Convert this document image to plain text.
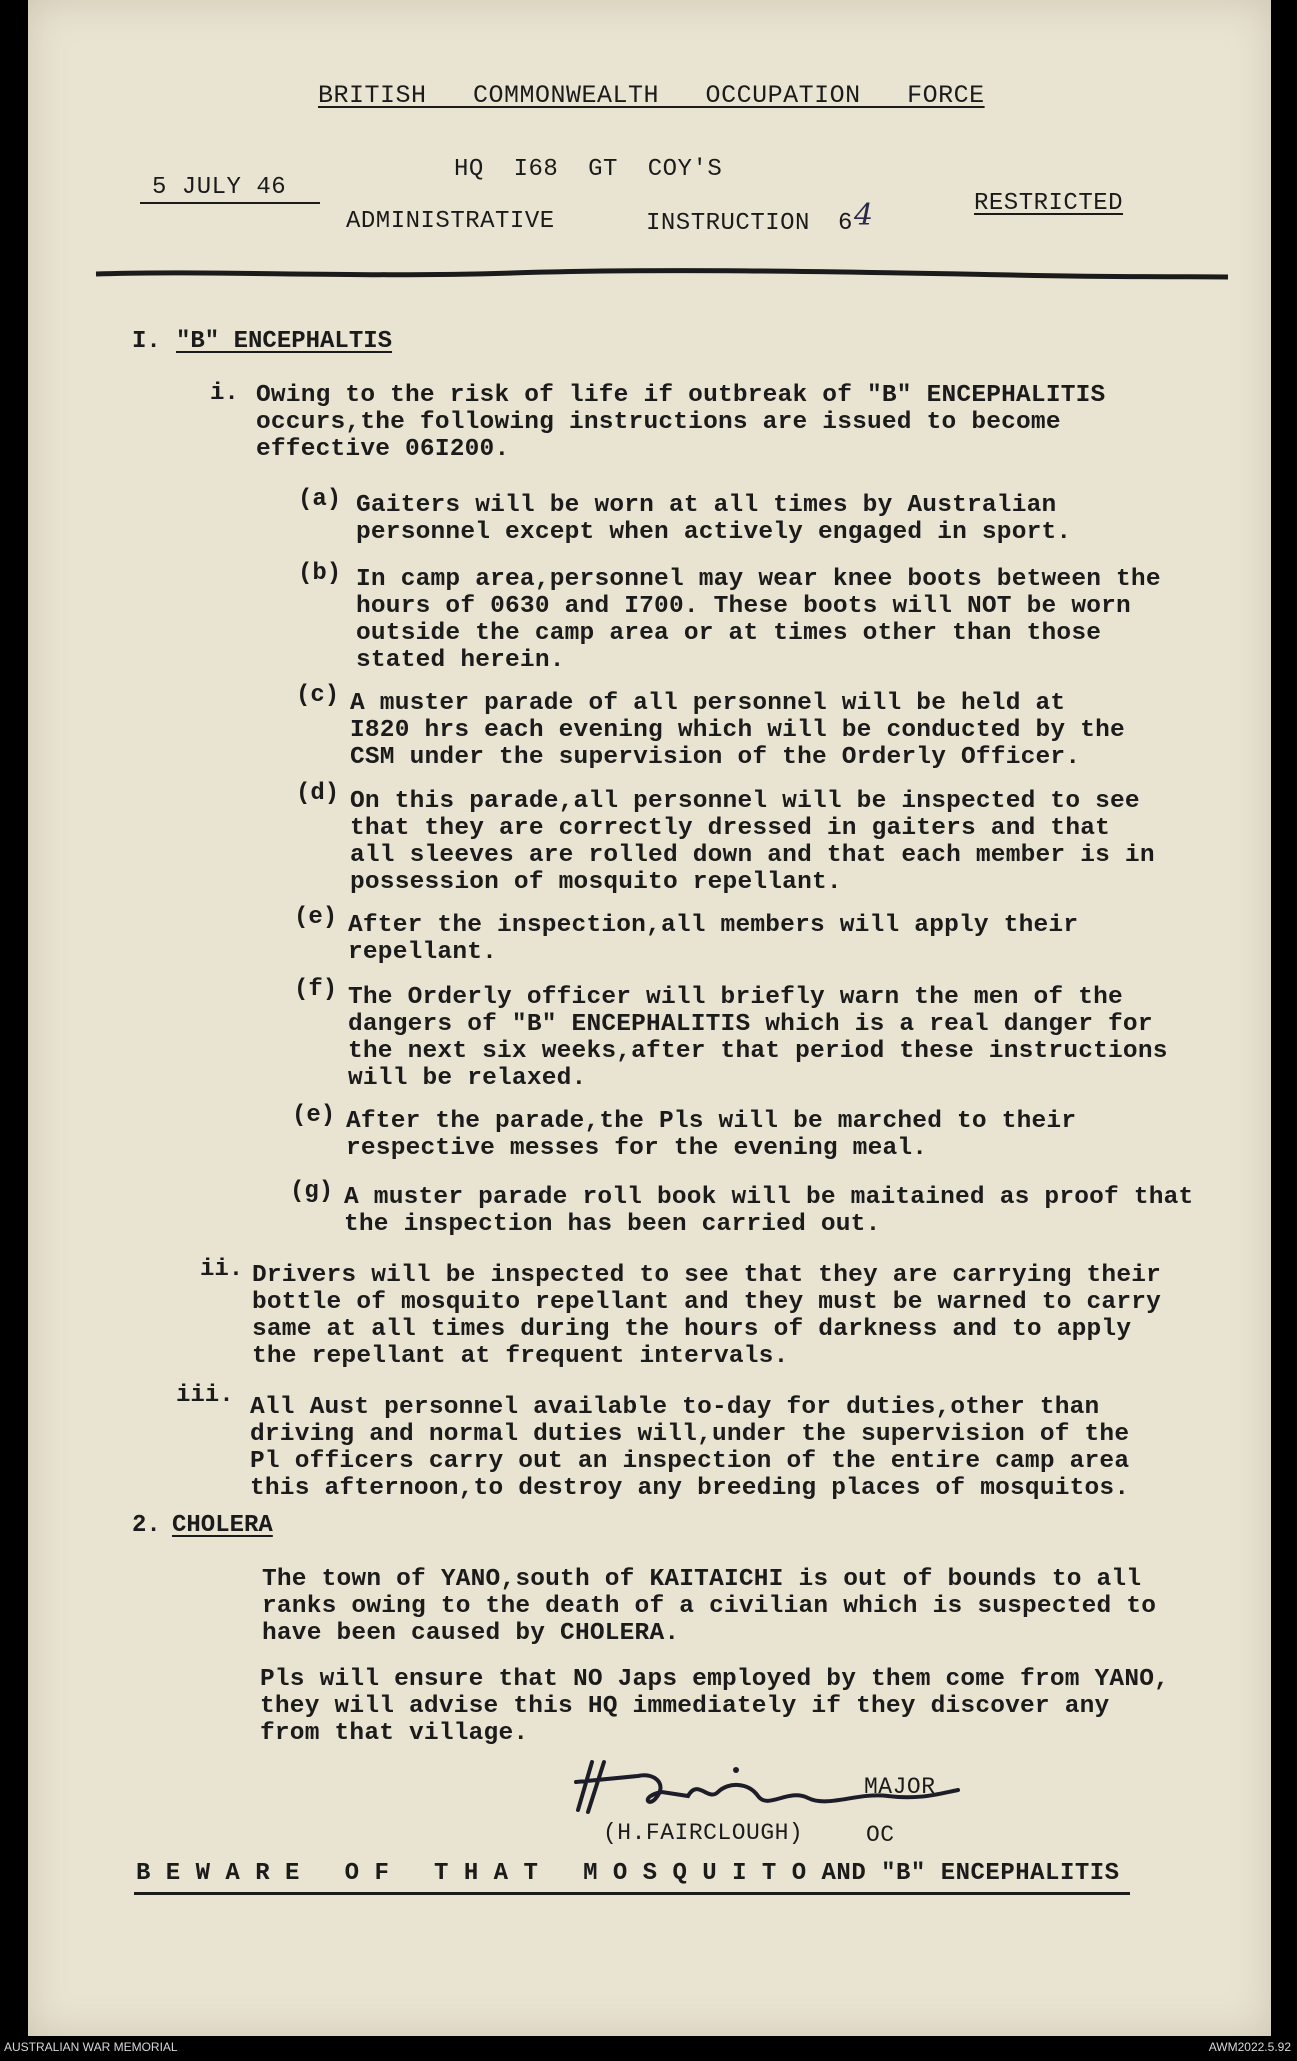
BRITISH   COMMONWEALTH   OCCUPATION   FORCE
5 JULY 46
HQ  I68  GT  COY'S
ADMINISTRATIVE	INSTRUCTION 6 4	RESTRICTED
I. "B" ENCEPHALTIS
i. Owing to the risk of life if outbreak of "B" ENCEPHALITIS
occurs,the following instructions are issued to become
effective 06I200.
(a) Gaiters will be worn at all times by Australian
personnel except when actively engaged in sport.
(b) In camp area,personnel may wear knee boots between the
hours of 0630 and I700. These boots will NOT be worn
outside the camp area or at times other than those
stated herein.
(c) A muster parade of all personnel will be held at
I820 hrs each evening which will be conducted by the
CSM under the supervision of the Orderly Officer.
(d) On this parade,all personnel will be inspected to see
that they are correctly dressed in gaiters and that
all sleeves are rolled down and that each member is in
possession of mosquito repellant.
(e) After the inspection,all members will apply their
repellant.
(f) The Orderly officer will briefly warn the men of the
dangers of "B" ENCEPHALITIS which is a real danger for
the next six weeks,after that period these instructions
will be relaxed.
(e) After the parade,the Pls will be marched to their
respective messes for the evening meal.
(g) A muster parade roll book will be maitained as proof that
the inspection has been carried out.
ii. Drivers will be inspected to see that they are carrying their
bottle of mosquito repellant and they must be warned to carry
same at all times during the hours of darkness and to apply
the repellant at frequent intervals.
iii. All Aust personnel available to-day for duties,other than
driving and normal duties will,under the supervision of the
Pl officers carry out an inspection of the entire camp area
this afternoon,to destroy any breeding places of mosquitos.
2. CHOLERA
The town of YANO,south of KAITAICHI is out of bounds to all
ranks owing to the death of a civilian which is suspected to
have been caused by CHOLERA.
Pls will ensure that NO Japs employed by them come from YANO,
they will advise this HQ immediately if they discover any
from that village.
MAJOR
(H.FAIRCLOUGH)	OC
B E W A R E   O F   T H A T   M O S Q U I T O AND "B" ENCEPHALITIS
AUSTRALIAN WAR MEMORIAL	AWM2022.5.92
